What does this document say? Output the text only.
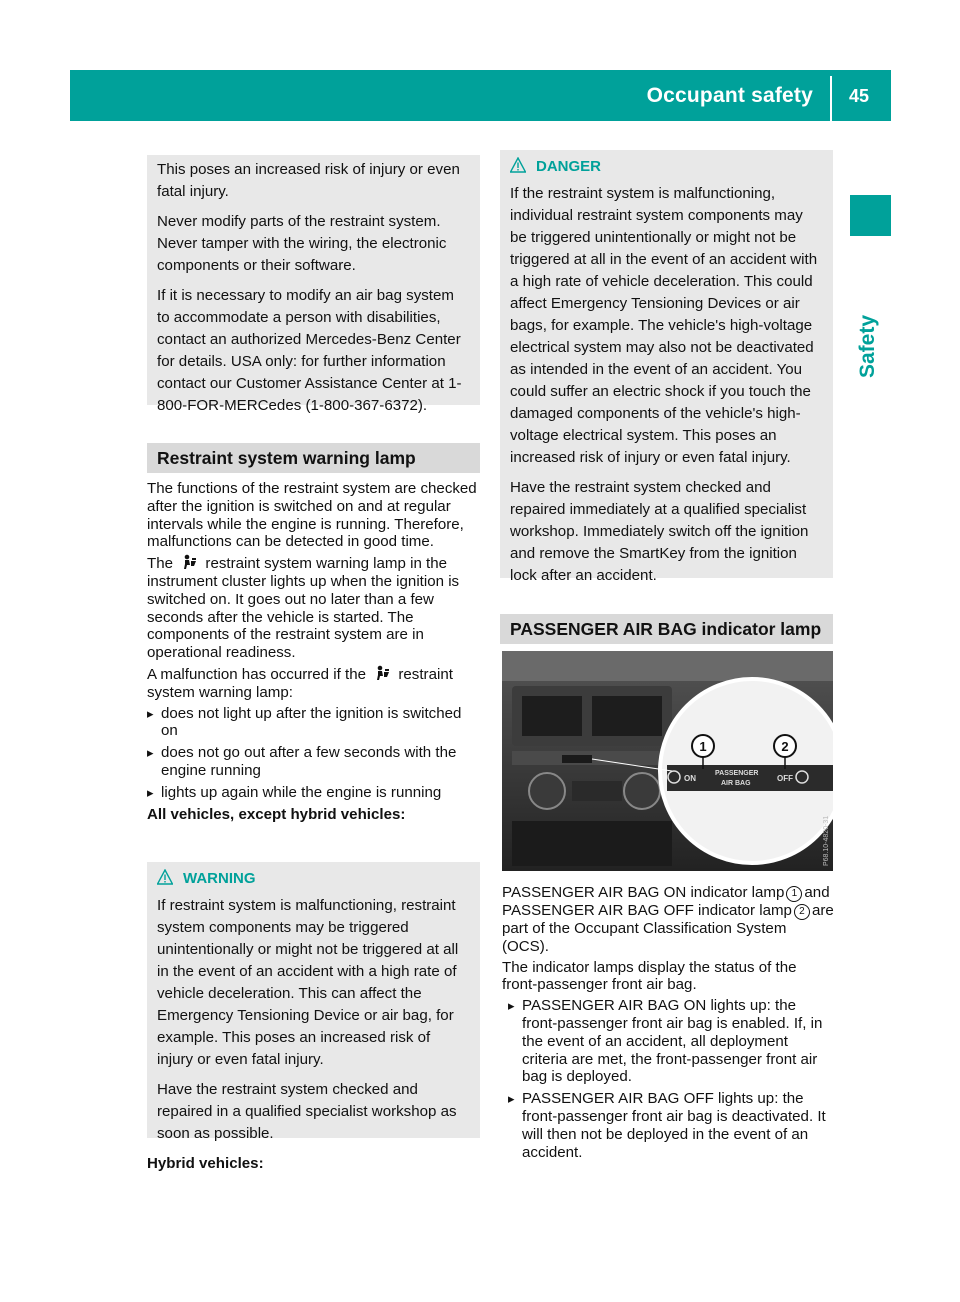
Occupant safety 45
Safety

This poses an increased risk of injury or even fatal injury.

Never modify parts of the restraint system. Never tamper with the wiring, the electronic components or their software.

If it is necessary to modify an air bag system to accommodate a person with disabilities, contact an authorized Mercedes-Benz Center for details. USA only: for further information contact our Customer Assistance Center at 1-800-FOR-MERCedes (1-800-367-6372).

Restraint system warning lamp

The functions of the restraint system are checked after the ignition is switched on and at regular intervals while the engine is running. Therefore, malfunctions can be detected in good time.

The restraint system warning lamp in the instrument cluster lights up when the ignition is switched on. It goes out no later than a few seconds after the vehicle is started. The components of the restraint system are in operational readiness.

A malfunction has occurred if the restraint system warning lamp:

▸ does not light up after the ignition is switched on

▸ does not go out after a few seconds with the engine running

▸ lights up again while the engine is running

All vehicles, except hybrid vehicles:

WARNING

If restraint system is malfunctioning, restraint system components may be triggered unintentionally or might not be triggered at all in the event of an accident with a high rate of vehicle deceleration. This can affect the Emergency Tensioning Device or air bag, for example. This poses an increased risk of injury or even fatal injury.

Have the restraint system checked and repaired in a qualified specialist workshop as soon as possible.

Hybrid vehicles:
DANGER

If the restraint system is malfunctioning, individual restraint system components may be triggered unintentionally or might not be triggered at all in the event of an accident with a high rate of vehicle deceleration. This could affect Emergency Tensioning Devices or air bags, for example. The vehicle's high-voltage electrical system may also not be deactivated as intended in the event of an accident. You could suffer an electric shock if you touch the damaged components of the vehicle's high-voltage electrical system. This poses an increased risk of injury or even fatal injury.

Have the restraint system checked and repaired immediately at a qualified specialist workshop. Immediately switch off the ignition and remove the SmartKey from the ignition lock after an accident.

PASSENGER AIR BAG indicator lamp
ON
PASSENGER
AIR BAG
OFF
1	2
P68.10-4820-31

PASSENGER AIR BAG ON indicator lamp 1 and PASSENGER AIR BAG OFF indicator lamp 2 are part of the Occupant Classification System (OCS).

The indicator lamps display the status of the front-passenger front air bag.

▸ PASSENGER AIR BAG ON lights up: the front-passenger front air bag is enabled. If, in the event of an accident, all deployment criteria are met, the front-passenger front air bag is deployed.

▸ PASSENGER AIR BAG OFF lights up: the front-passenger front air bag is deactivated. It will then not be deployed in the event of an accident.
